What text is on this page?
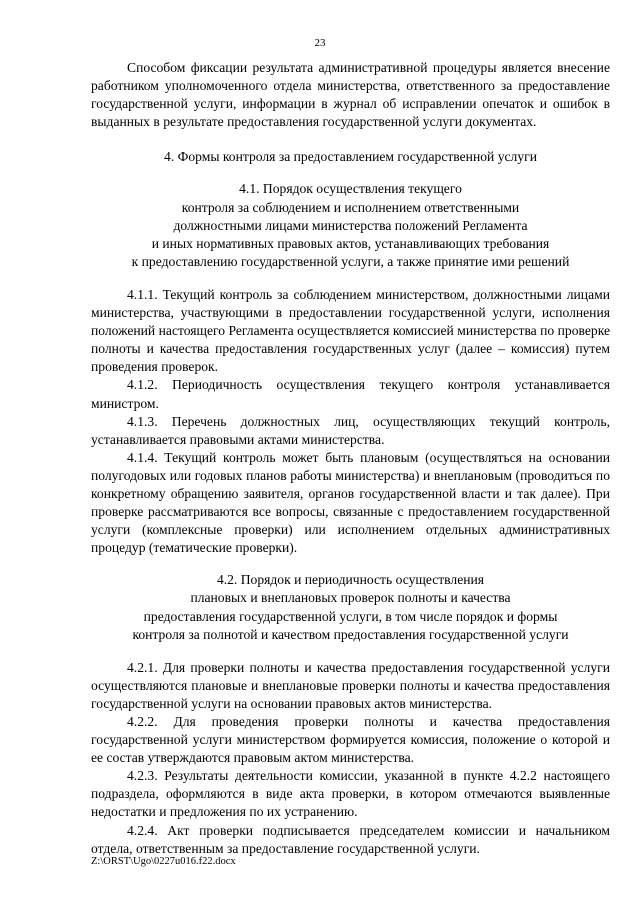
23

Способом фиксации результата административной процедуры является внесение работником уполномоченного отдела министерства, ответственного за предоставление государственной услуги, информации в журнал об исправлении опечаток и ошибок в выданных в результате предоставления государственной услуги документах.

4. Формы контроля за предоставлением государственной услуги

4.1. Порядок осуществления текущего
контроля за соблюдением и исполнением ответственными
должностными лицами министерства положений Регламента
и иных нормативных правовых актов, устанавливающих требования
к предоставлению государственной услуги, а также принятие ими решений

4.1.1. Текущий контроль за соблюдением министерством, должностными лицами министерства, участвующими в предоставлении государственной услуги, исполнения положений настоящего Регламента осуществляется комиссией министерства по проверке полноты и качества предоставления государственных услуг (далее – комиссия) путем проведения проверок.

4.1.2. Периодичность осуществления текущего контроля устанавливается министром.

4.1.3. Перечень должностных лиц, осуществляющих текущий контроль, устанавливается правовыми актами министерства.

4.1.4. Текущий контроль может быть плановым (осуществляться на основании полугодовых или годовых планов работы министерства) и внеплановым (проводиться по конкретному обращению заявителя, органов государственной власти и так далее). При проверке рассматриваются все вопросы, связанные с предоставлением государственной услуги (комплексные проверки) или исполнением отдельных административных процедур (тематические проверки).

4.2. Порядок и периодичность осуществления
плановых и внеплановых проверок полноты и качества
предоставления государственной услуги, в том числе порядок и формы
контроля за полнотой и качеством предоставления государственной услуги

4.2.1. Для проверки полноты и качества предоставления государственной услуги осуществляются плановые и внеплановые проверки полноты и качества предоставления государственной услуги на основании правовых актов министерства.

4.2.2. Для проведения проверки полноты и качества предоставления государственной услуги министерством формируется комиссия, положение о которой и ее состав утверждаются правовым актом министерства.

4.2.3. Результаты деятельности комиссии, указанной в пункте 4.2.2 настоящего подраздела, оформляются в виде акта проверки, в котором отмечаются выявленные недостатки и предложения по их устранению.

4.2.4. Акт проверки подписывается председателем комиссии и начальником отдела, ответственным за предоставление государственной услуги.

Z:\ORST\Ugo\0227u016.f22.docx
